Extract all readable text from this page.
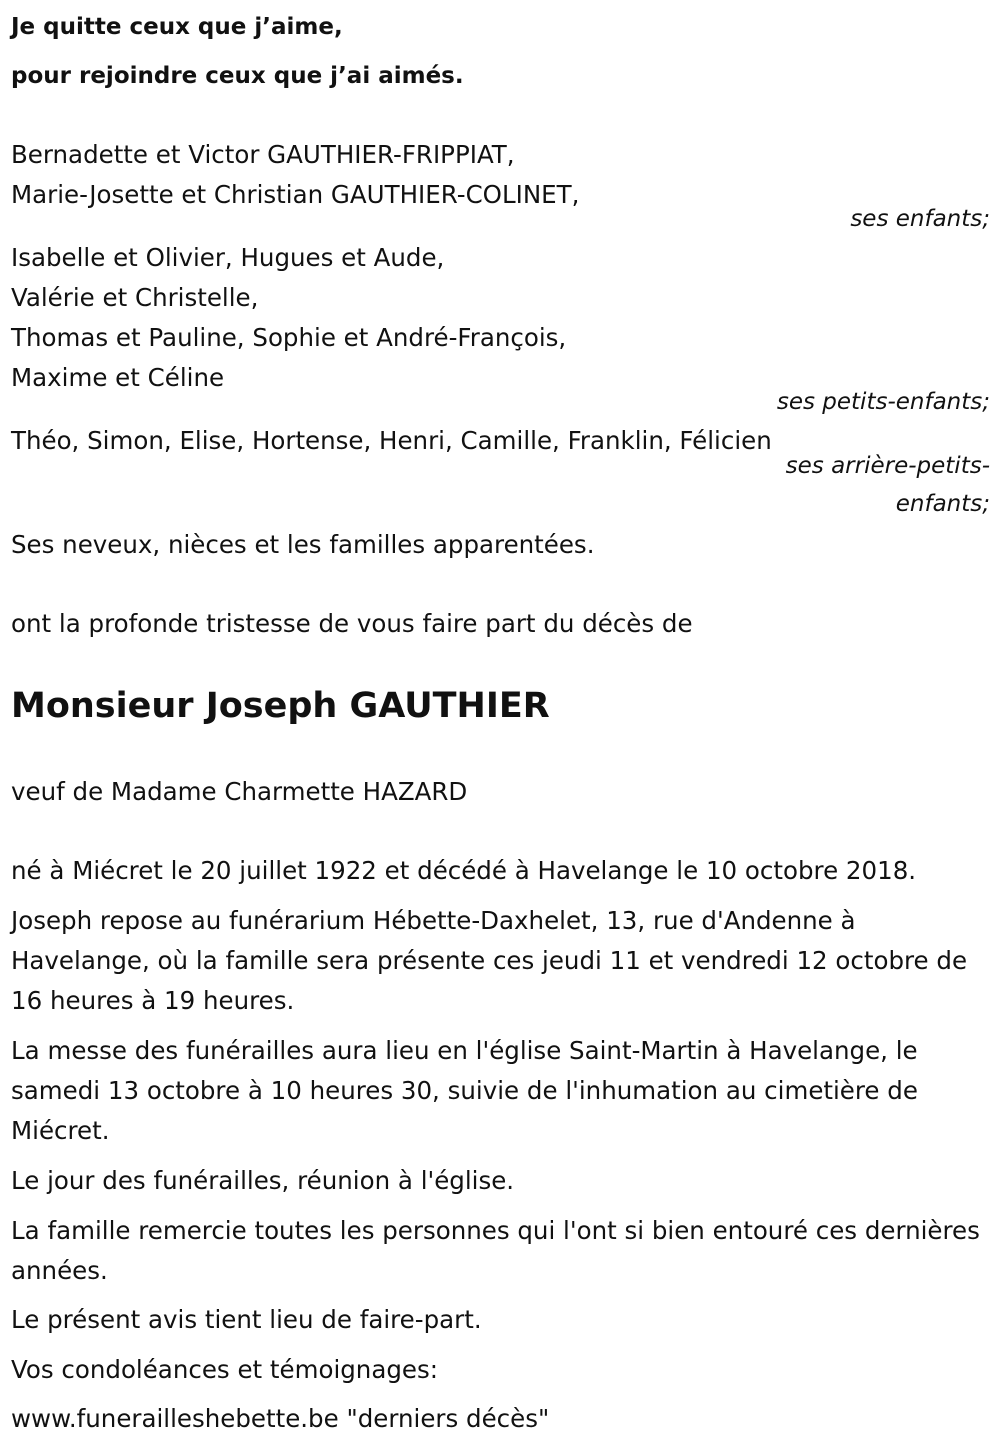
Je quitte ceux que j’aime,
pour rejoindre ceux que j’ai aimés.
Bernadette et Victor GAUTHIER-FRIPPIAT,
Marie-Josette et Christian GAUTHIER-COLINET,
ses enfants;
Isabelle et Olivier, Hugues et Aude,
Valérie et Christelle,
Thomas et Pauline, Sophie et André-François,
Maxime et Céline
ses petits-enfants;
Théo, Simon, Elise, Hortense, Henri, Camille, Franklin, Félicien
ses arrière-petits-
enfants;
Ses neveux, nièces et les familles apparentées.
ont la profonde tristesse de vous faire part du décès de
Monsieur Joseph GAUTHIER
veuf de Madame Charmette HAZARD
né à Miécret le 20 juillet 1922 et décédé à Havelange le 10 octobre 2018.
Joseph repose au funérarium Hébette-Daxhelet, 13, rue d'Andenne à Havelange, où la famille sera présente ces jeudi 11 et vendredi 12 octobre de 16 heures à 19 heures.
La messe des funérailles aura lieu en l'église Saint-Martin à Havelange, le samedi 13 octobre à 10 heures 30, suivie de l'inhumation au cimetière de Miécret.
Le jour des funérailles, réunion à l'église.
La famille remercie toutes les personnes qui l'ont si bien entouré ces dernières années.
Le présent avis tient lieu de faire-part.
Vos condoléances et témoignages:
www.funerailleshebette.be "derniers décès"
